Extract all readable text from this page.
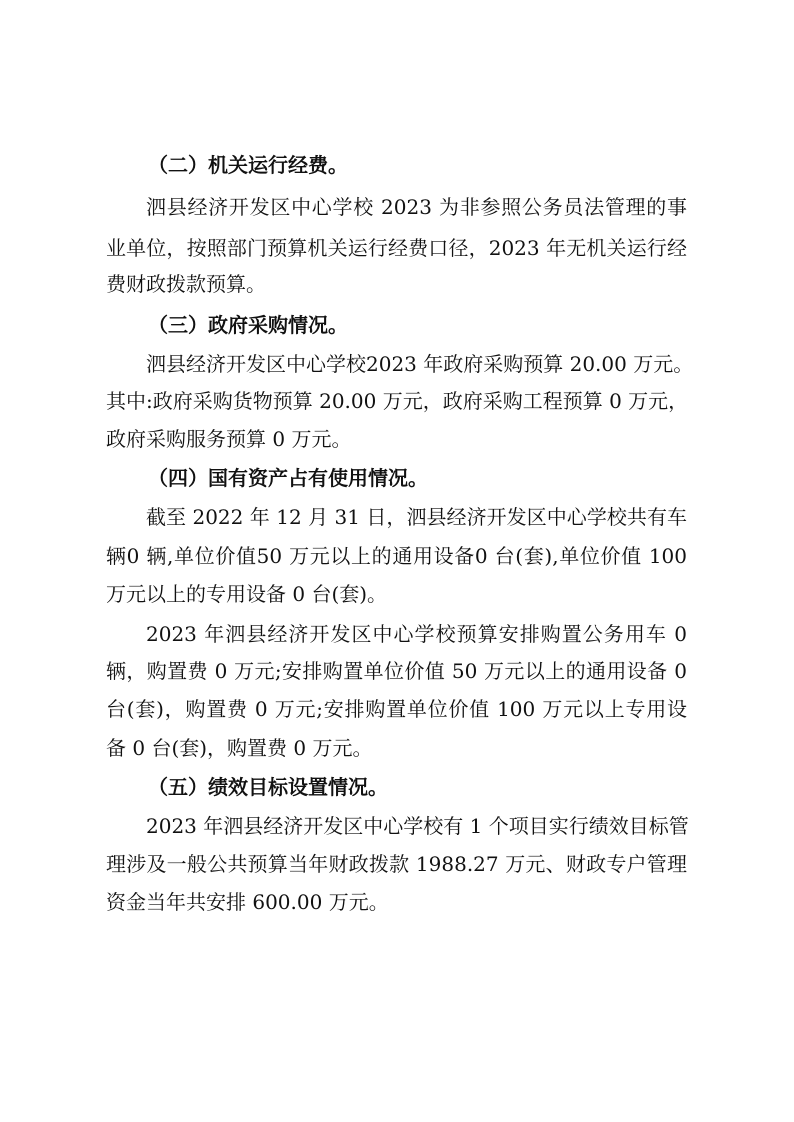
（二）机关运行经费。
泗县经济开发区中心学校 2023 为非参照公务员法管理的事
业单位，按照部门预算机关运行经费口径，2023 年无机关运行经
费财政拨款预算。
（三）政府采购情况。
泗县经济开发区中心学校2023 年政府采购预算 20.00 万元。
其中:政府采购货物预算 20.00 万元，政府采购工程预算 0 万元，
政府采购服务预算 0 万元。
（四）国有资产占有使用情况。
截至 2022 年 12 月 31 日，泗县经济开发区中心学校共有车
辆0 辆,单位价值50 万元以上的通用设备0 台(套),单位价值 100
万元以上的专用设备 0 台(套)。
2023 年泗县经济开发区中心学校预算安排购置公务用车 0
辆，购置费 0 万元;安排购置单位价值 50 万元以上的通用设备 0
台(套)，购置费 0 万元;安排购置单位价值 100 万元以上专用设
备 0 台(套)，购置费 0 万元。
（五）绩效目标设置情况。
2023 年泗县经济开发区中心学校有 1 个项目实行绩效目标管
理涉及一般公共预算当年财政拨款 1988.27 万元、财政专户管理
资金当年共安排 600.00 万元。
